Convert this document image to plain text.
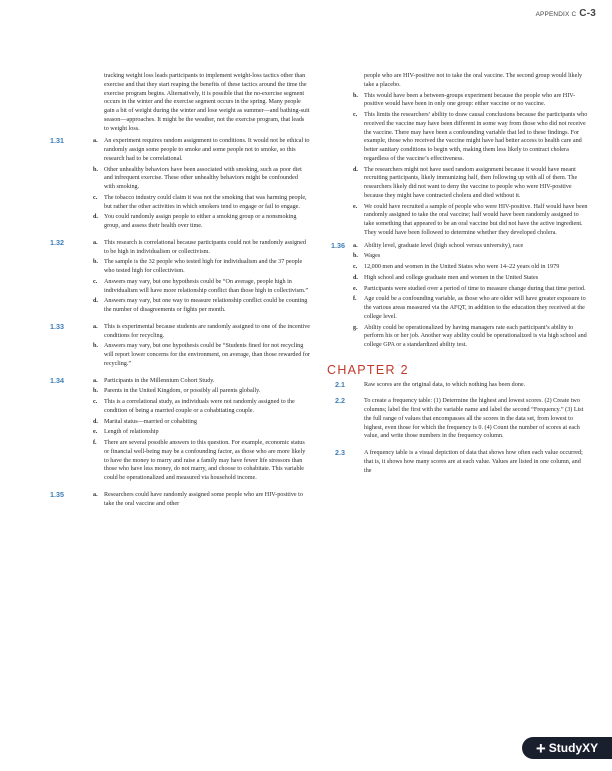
APPENDIX C C-3
tracking weight loss leads participants to implement weight-loss tactics other than exercise and that they start reaping the benefits of these tactics around the time the exercise program begins. Alternatively, it is possible that the no-exercise segment occurs in the winter and the exercise segment occurs in the spring. Many people gain a bit of weight during the winter and lose weight as summer—and bathing-suit season—approaches. It might be the weather, not the exercise program, that leads to weight loss.
1.31	a. An experiment requires random assignment to conditions. It would not be ethical to randomly assign some people to smoke and some people not to smoke, so this research had to be correlational.
b. Other unhealthy behaviors have been associated with smoking, such as poor diet and infrequent exercise. These other unhealthy behaviors might be confounded with smoking.
c. The tobacco industry could claim it was not the smoking that was harming people, but rather the other activities in which smokers tend to engage or fail to engage.
d. You could randomly assign people to either a smoking group or a nonsmoking group, and assess their health over time.
1.32	a. This research is correlational because participants could not be randomly assigned to be high in individualism or collectivism.
b. The sample is the 32 people who tested high for individualism and the 37 people who tested high for collectivism.
c. Answers may vary, but one hypothesis could be “On average, people high in individualism will have more relationship conflict than those high in collectivism.”
d. Answers may vary, but one way to measure relationship conflict could be counting the number of disagreements or fights per month.
1.33	a. This is experimental because students are randomly assigned to one of the incentive conditions for recycling.
b. Answers may vary, but one hypothesis could be “Students fined for not recycling will report lower concerns for the environment, on average, than those rewarded for recycling.”
1.34	a. Participants in the Millennium Cohort Study.
b. Parents in the United Kingdom, or possibly all parents globally.
c. This is a correlational study, as individuals were not randomly assigned to the condition of being a married couple or a cohabitating couple.
d. Marital status—married or cohabiting
e. Length of relationship
f. There are several possible answers to this question. For example, economic status or financial well-being may be a confounding factor, as those who are more likely to have the money to marry and raise a family may have fewer life stressors than those who have less money, do not marry, and choose to cohabitate. This variable could be operationalized and measured via household income.
1.35	a. Researchers could have randomly assigned some people who are HIV-positive to take the oral vaccine and other
people who are HIV-positive not to take the oral vaccine. The second group would likely take a placebo.
b. This would have been a between-groups experiment because the people who are HIV-positive would have been in only one group: either vaccine or no vaccine.
c. This limits the researchers’ ability to draw causal conclusions because the participants who received the vaccine may have been different in some way from those who did not receive the vaccine. There may have been a confounding variable that led to these findings. For example, those who received the vaccine might have had better access to health care and better sanitary conditions to begin with, making them less likely to contract cholera regardless of the vaccine’s effectiveness.
d. The researchers might not have used random assignment because it would have meant recruiting participants, likely immunizing half, then following up with all of them. The researchers likely did not want to deny the vaccine to people who were HIV-positive because they might have contracted cholera and died without it.
e. We could have recruited a sample of people who were HIV-positive. Half would have been randomly assigned to take the oral vaccine; half would have been randomly assigned to take something that appeared to be an oral vaccine but did not have the active ingredient. They would have been followed to determine whether they developed cholera.
1.36 a. Ability level, graduate level (high school versus university), race
b. Wages
c. 12,000 men and women in the United States who were 14–22 years old in 1979
d. High school and college graduate men and women in the United States
e. Participants were studied over a period of time to measure change during that time period.
f. Age could be a confounding variable, as those who are older will have greater exposure to the various areas measured via the AFQT, in addition to the education they received at the college level.
g. Ability could be operationalized by having managers rate each participant’s ability to perform his or her job. Another way ability could be operationalized is via high school and college GPA or a standardized ability test.
CHAPTER 2
2.1	Raw scores are the original data, to which nothing has been done.

2.2	To create a frequency table: (1) Determine the highest and lowest scores. (2) Create two columns; label the first with the variable name and label the second “Frequency.” (3) List the full range of values that encompasses all the scores in the data set, from lowest to highest, even those for which the frequency is 0. (4) Count the number of scores at each value, and write those numbers in the frequency column.

2.3	A frequency table is a visual depiction of data that shows how often each value occurred; that is, it shows how many scores are at each value. Values are listed in one column, and the

+ StudyXY
